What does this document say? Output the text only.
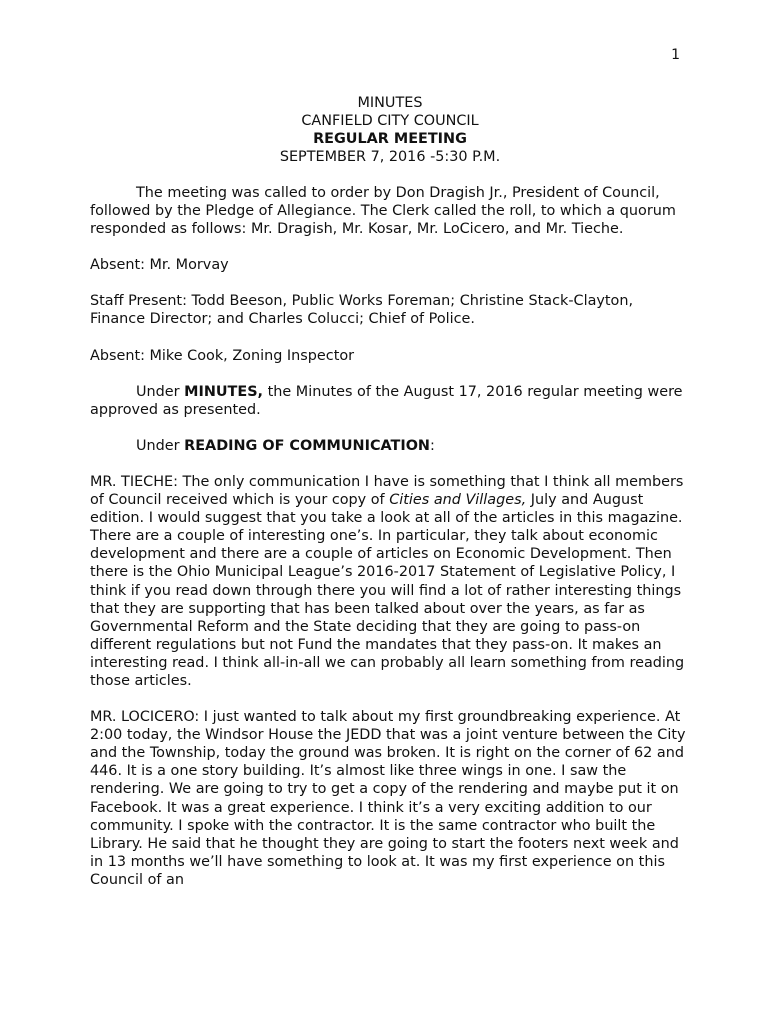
1
MINUTES
CANFIELD CITY COUNCIL
REGULAR MEETING
SEPTEMBER 7, 2016 -5:30 P.M.

The meeting was called to order by Don Dragish Jr., President of Council, followed by the Pledge of Allegiance. The Clerk called the roll, to which a quorum responded as follows: Mr. Dragish, Mr. Kosar, Mr. LoCicero, and Mr. Tieche.

Absent: Mr. Morvay

Staff Present: Todd Beeson, Public Works Foreman; Christine Stack-Clayton, Finance Director; and Charles Colucci; Chief of Police.

Absent: Mike Cook, Zoning Inspector

Under MINUTES, the Minutes of the August 17, 2016 regular meeting were approved as presented.

Under READING OF COMMUNICATION:

MR. TIECHE: The only communication I have is something that I think all members of Council received which is your copy of Cities and Villages, July and August edition. I would suggest that you take a look at all of the articles in this magazine. There are a couple of interesting one’s. In particular, they talk about economic development and there are a couple of articles on Economic Development. Then there is the Ohio Municipal League’s 2016-2017 Statement of Legislative Policy, I think if you read down through there you will find a lot of rather interesting things that they are supporting that has been talked about over the years, as far as Governmental Reform and the State deciding that they are going to pass-on different regulations but not Fund the mandates that they pass-on. It makes an interesting read. I think all-in-all we can probably all learn something from reading those articles.

MR. LOCICERO: I just wanted to talk about my first groundbreaking experience. At 2:00 today, the Windsor House the JEDD that was a joint venture between the City and the Township, today the ground was broken. It is right on the corner of 62 and 446. It is a one story building. It’s almost like three wings in one. I saw the rendering. We are going to try to get a copy of the rendering and maybe put it on Facebook. It was a great experience. I think it’s a very exciting addition to our community. I spoke with the contractor. It is the same contractor who built the Library. He said that he thought they are going to start the footers next week and in 13 months we’ll have something to look at. It was my first experience on this Council of an
